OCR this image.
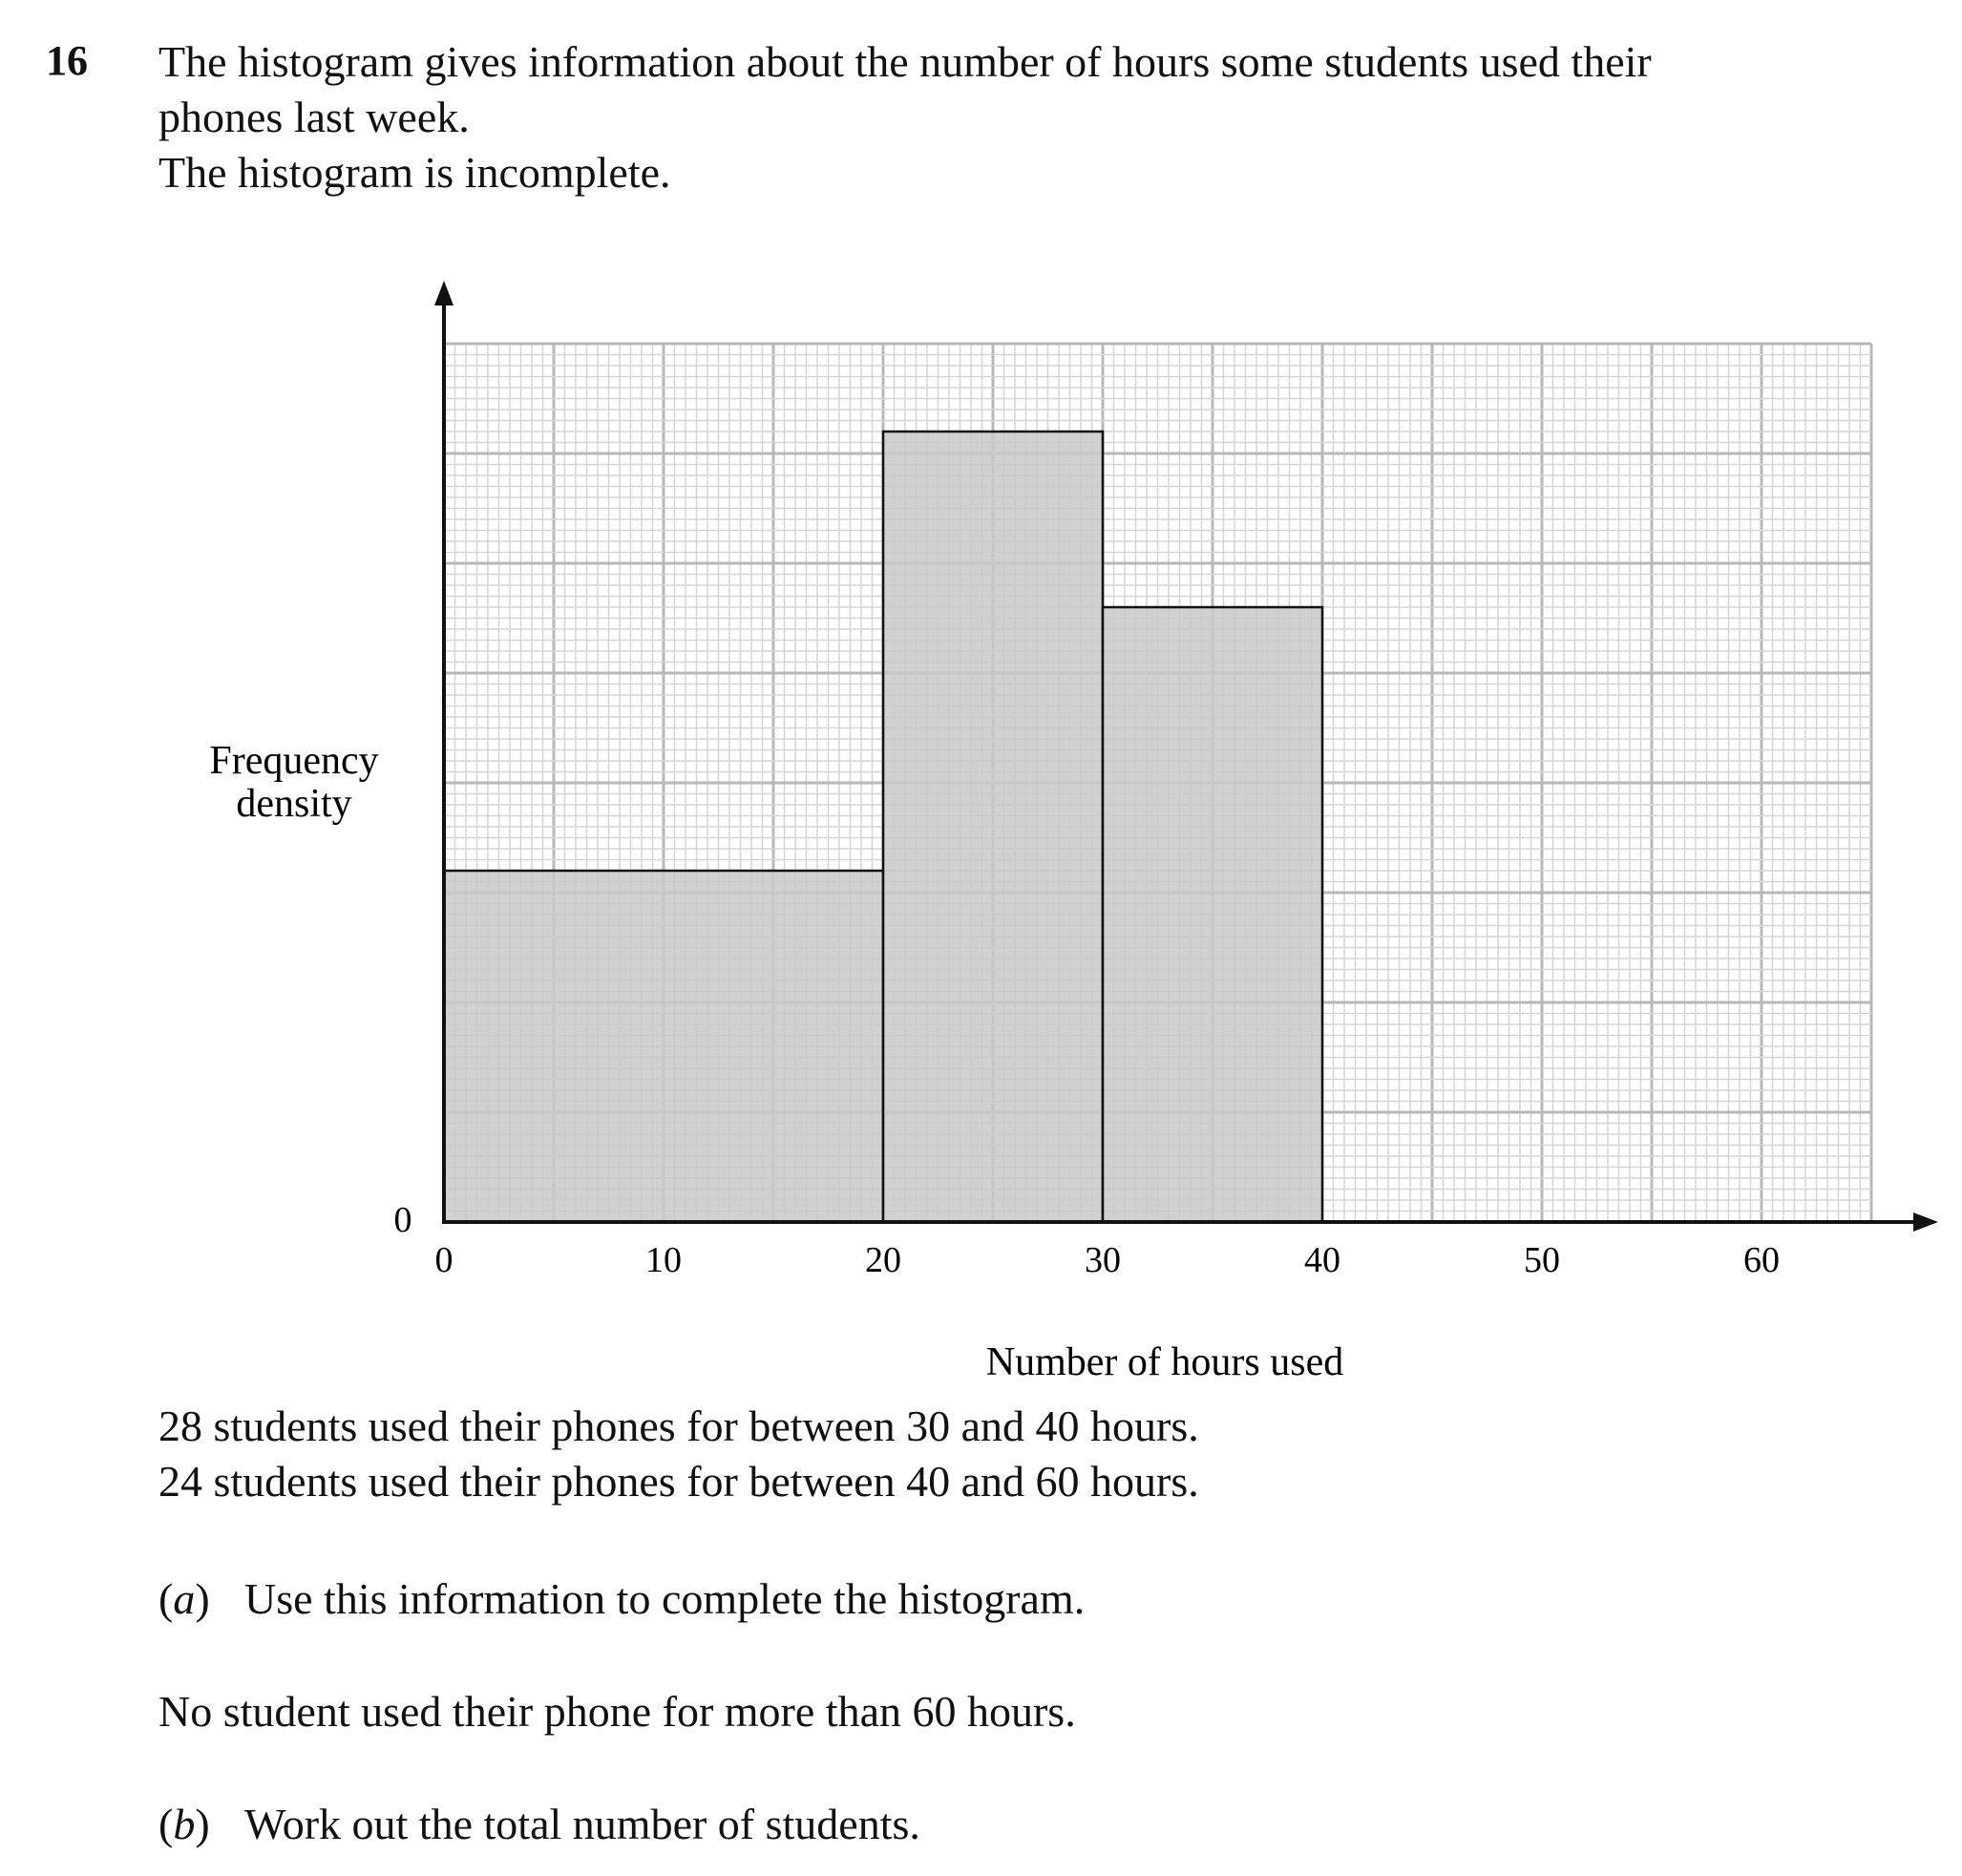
16 The histogram gives information about the number of hours some students used their
phones last week.
The histogram is incomplete.
0	10	20	30	40	50	60
0
Frequency
Number of hours used
density
28 students used their phones for between 30 and 40 hours.
24 students used their phones for between 40 and 60 hours.
(a) Use this information to complete the histogram.
No student used their phone for more than 60 hours.
(b) Work out the total number of students.
